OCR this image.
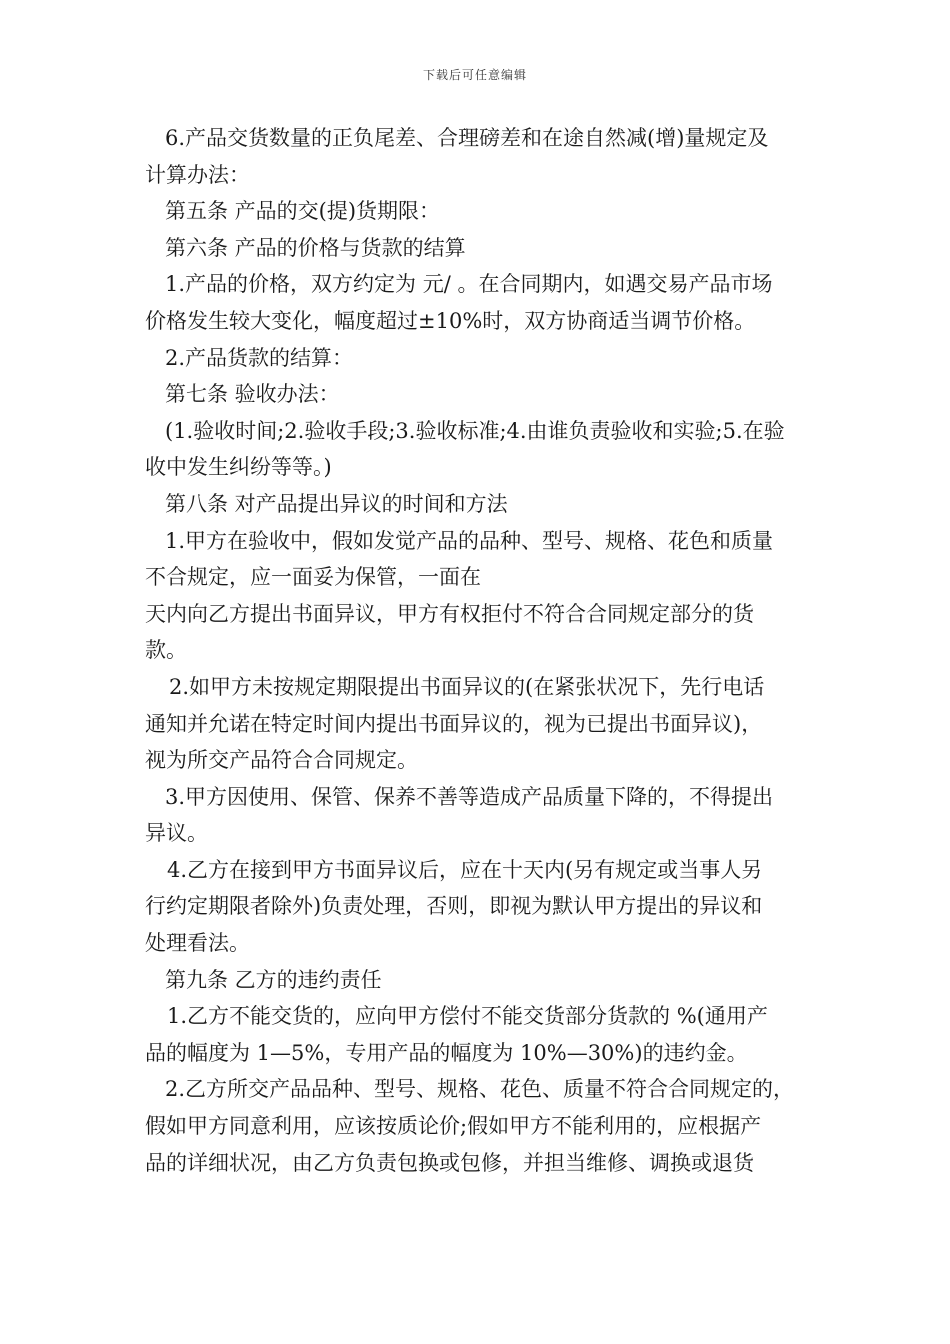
下载后可任意编辑
6.产品交货数量的正负尾差、合理磅差和在途自然减(增)量规定及
计算办法：
第五条 产品的交(提)货期限：
第六条 产品的价格与货款的结算
1.产品的价格，双方约定为 元/ 。在合同期内，如遇交易产品市场
价格发生较大变化，幅度超过±10%时，双方协商适当调节价格。
2.产品货款的结算：
第七条 验收办法：
(1.验收时间;2.验收手段;3.验收标准;4.由谁负责验收和实验;5.在验
收中发生纠纷等等。)
第八条 对产品提出异议的时间和方法
1.甲方在验收中，假如发觉产品的品种、型号、规格、花色和质量
不合规定，应一面妥为保管，一面在
天内向乙方提出书面异议，甲方有权拒付不符合合同规定部分的货
款。
2.如甲方未按规定期限提出书面异议的(在紧张状况下，先行电话
通知并允诺在特定时间内提出书面异议的，视为已提出书面异议)，
视为所交产品符合合同规定。
3.甲方因使用、保管、保养不善等造成产品质量下降的，不得提出
异议。
4.乙方在接到甲方书面异议后，应在十天内(另有规定或当事人另
行约定期限者除外)负责处理，否则，即视为默认甲方提出的异议和
处理看法。
第九条 乙方的违约责任
1.乙方不能交货的，应向甲方偿付不能交货部分货款的 %(通用产
品的幅度为 1—5%，专用产品的幅度为 10%—30%)的违约金。
2.乙方所交产品品种、型号、规格、花色、质量不符合合同规定的，
假如甲方同意利用，应该按质论价;假如甲方不能利用的，应根据产
品的详细状况，由乙方负责包换或包修，并担当维修、调换或退货
